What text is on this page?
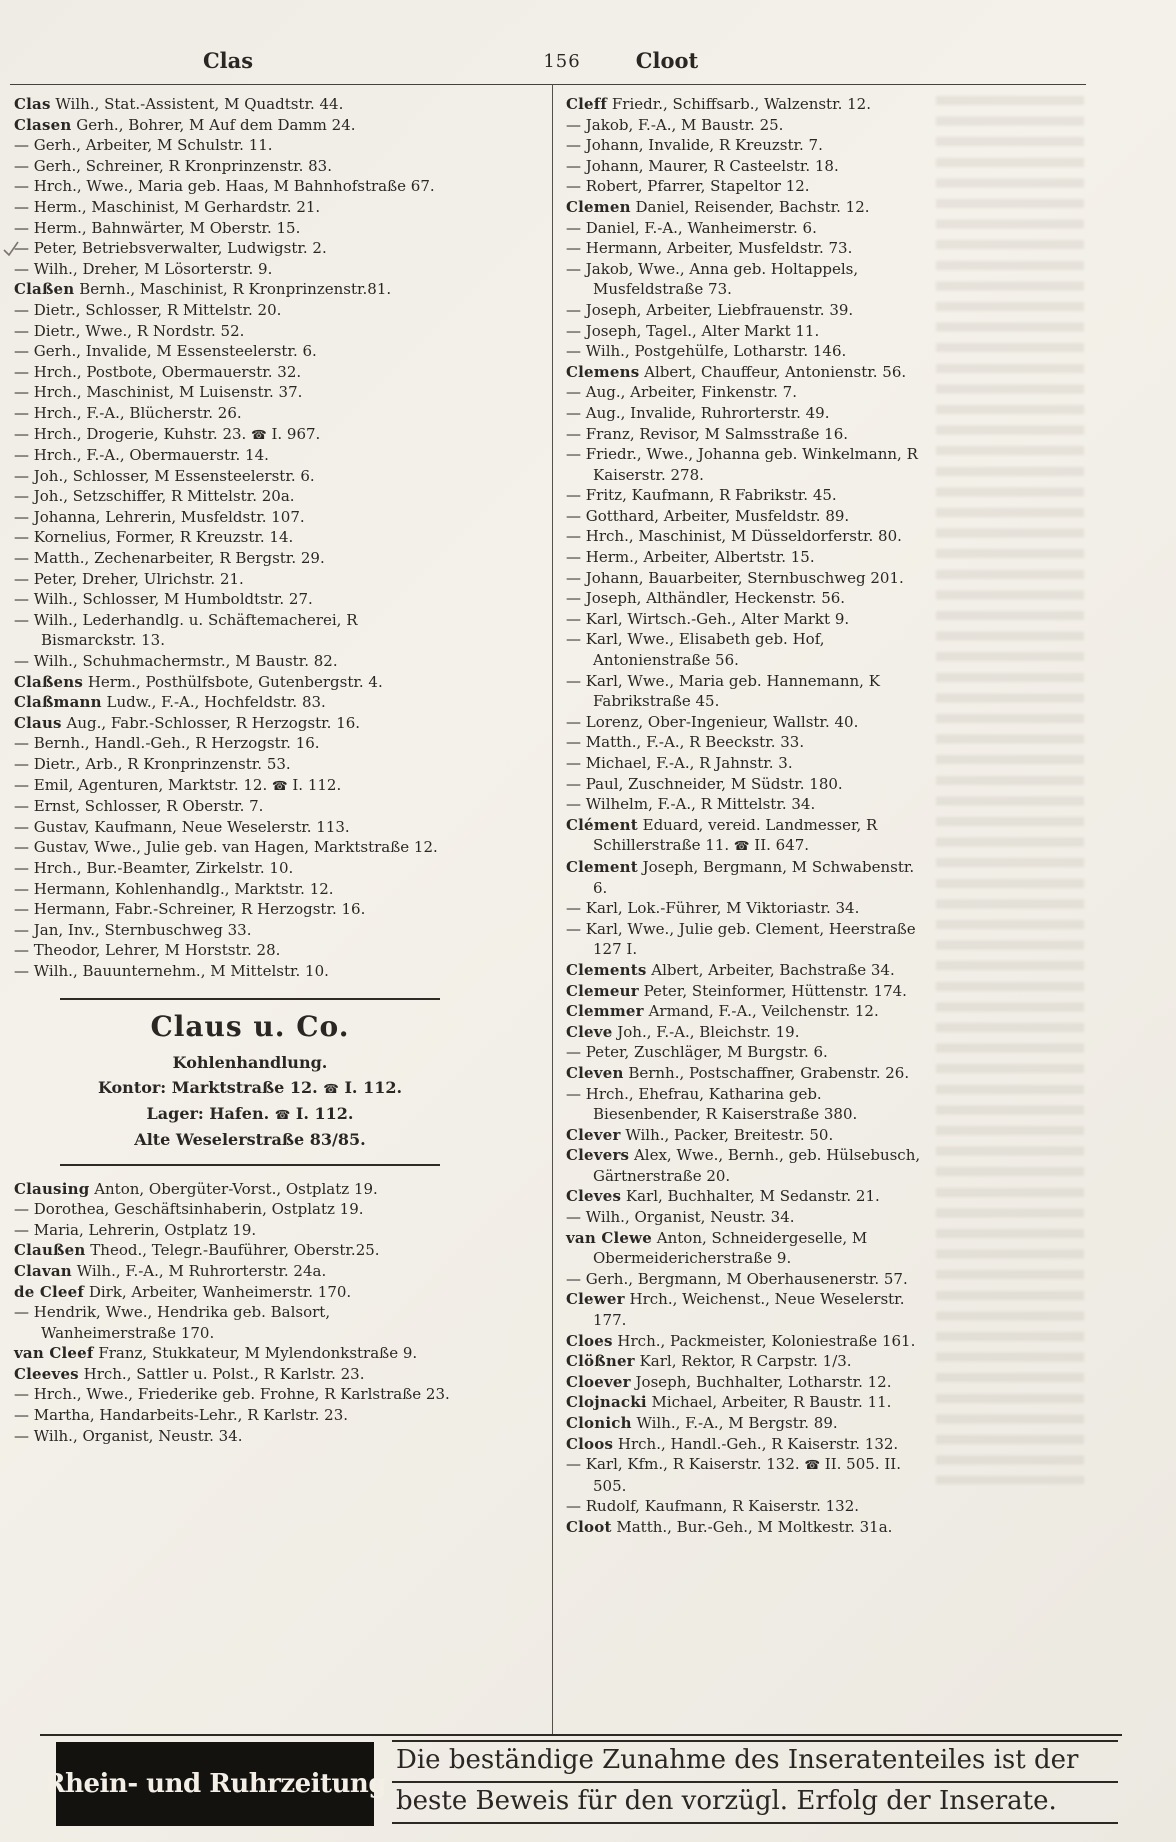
Clas	156	Cloot

Clas Wilh., Stat.-Assistent, M Quadtstr. 44.

Clasen Gerh., Bohrer, M Auf dem Damm 24.

— Gerh., Arbeiter, M Schulstr. 11.

— Gerh., Schreiner, R Kronprinzenstr. 83.

— Hrch., Wwe., Maria geb. Haas, M Bahnhofstraße 67.

— Herm., Maschinist, M Gerhardstr. 21.

— Herm., Bahnwärter, M Oberstr. 15.

— Peter, Betriebsverwalter, Ludwigstr. 2.

— Wilh., Dreher, M Lösorterstr. 9.

Claßen Bernh., Maschinist, R Kronprinzenstr.81.

— Dietr., Schlosser, R Mittelstr. 20.

— Dietr., Wwe., R Nordstr. 52.

— Gerh., Invalide, M Essensteelerstr. 6.

— Hrch., Postbote, Obermauerstr. 32.

— Hrch., Maschinist, M Luisenstr. 37.

— Hrch., F.-A., Blücherstr. 26.

— Hrch., Drogerie, Kuhstr. 23. ☎ I. 967.

— Hrch., F.-A., Obermauerstr. 14.

— Joh., Schlosser, M Essensteelerstr. 6.

— Joh., Setzschiffer, R Mittelstr. 20a.

— Johanna, Lehrerin, Musfeldstr. 107.

— Kornelius, Former, R Kreuzstr. 14.

— Matth., Zechenarbeiter, R Bergstr. 29.

— Peter, Dreher, Ulrichstr. 21.

— Wilh., Schlosser, M Humboldtstr. 27.

— Wilh., Lederhandlg. u. Schäftemacherei, R Bismarckstr. 13.

— Wilh., Schuhmachermstr., M Baustr. 82.

Claßens Herm., Posthülfsbote, Gutenbergstr. 4.

Claßmann Ludw., F.-A., Hochfeldstr. 83.

Claus Aug., Fabr.-Schlosser, R Herzogstr. 16.

— Bernh., Handl.-Geh., R Herzogstr. 16.

— Dietr., Arb., R Kronprinzenstr. 53.

— Emil, Agenturen, Marktstr. 12. ☎ I. 112.

— Ernst, Schlosser, R Oberstr. 7.

— Gustav, Kaufmann, Neue Weselerstr. 113.

— Gustav, Wwe., Julie geb. van Hagen, Marktstraße 12.

— Hrch., Bur.-Beamter, Zirkelstr. 10.

— Hermann, Kohlenhandlg., Marktstr. 12.

— Hermann, Fabr.-Schreiner, R Herzogstr. 16.

— Jan, Inv., Sternbuschweg 33.

— Theodor, Lehrer, M Horststr. 28.

— Wilh., Bauunternehm., M Mittelstr. 10.

Claus u. Co.
Kohlenhandlung.
Kontor: Marktstraße 12. ☎ I. 112.
Lager: Hafen. ☎ I. 112.
Alte Weselerstraße 83/85.

Clausing Anton, Obergüter-Vorst., Ostplatz 19.

— Dorothea, Geschäftsinhaberin, Ostplatz 19.

— Maria, Lehrerin, Ostplatz 19.

Claußen Theod., Telegr.-Bauführer, Oberstr.25.

Clavan Wilh., F.-A., M Ruhrorterstr. 24a.

de Cleef Dirk, Arbeiter, Wanheimerstr. 170.

— Hendrik, Wwe., Hendrika geb. Balsort, Wanheimerstraße 170.

van Cleef Franz, Stukkateur, M Mylendonkstraße 9.

Cleeves Hrch., Sattler u. Polst., R Karlstr. 23.

— Hrch., Wwe., Friederike geb. Frohne, R Karlstraße 23.

— Martha, Handarbeits-Lehr., R Karlstr. 23.

— Wilh., Organist, Neustr. 34.

Cleff Friedr., Schiffsarb., Walzenstr. 12.

— Jakob, F.-A., M Baustr. 25.

— Johann, Invalide, R Kreuzstr. 7.

— Johann, Maurer, R Casteelstr. 18.

— Robert, Pfarrer, Stapeltor 12.

Clemen Daniel, Reisender, Bachstr. 12.

— Daniel, F.-A., Wanheimerstr. 6.

— Hermann, Arbeiter, Musfeldstr. 73.

— Jakob, Wwe., Anna geb. Holtappels, Musfeldstraße 73.

— Joseph, Arbeiter, Liebfrauenstr. 39.

— Joseph, Tagel., Alter Markt 11.

— Wilh., Postgehülfe, Lotharstr. 146.

Clemens Albert, Chauffeur, Antonienstr. 56.

— Aug., Arbeiter, Finkenstr. 7.

— Aug., Invalide, Ruhrorterstr. 49.

— Franz, Revisor, M Salmsstraße 16.

— Friedr., Wwe., Johanna geb. Winkelmann, R Kaiserstr. 278.

— Fritz, Kaufmann, R Fabrikstr. 45.

— Gotthard, Arbeiter, Musfeldstr. 89.

— Hrch., Maschinist, M Düsseldorferstr. 80.

— Herm., Arbeiter, Albertstr. 15.

— Johann, Bauarbeiter, Sternbuschweg 201.

— Joseph, Althändler, Heckenstr. 56.

— Karl, Wirtsch.-Geh., Alter Markt 9.

— Karl, Wwe., Elisabeth geb. Hof, Antonienstraße 56.

— Karl, Wwe., Maria geb. Hannemann, K Fabrikstraße 45.

— Lorenz, Ober-Ingenieur, Wallstr. 40.

— Matth., F.-A., R Beeckstr. 33.

— Michael, F.-A., R Jahnstr. 3.

— Paul, Zuschneider, M Südstr. 180.

— Wilhelm, F.-A., R Mittelstr. 34.

Clément Eduard, vereid. Landmesser, R Schillerstraße 11. ☎ II. 647.

Clement Joseph, Bergmann, M Schwabenstr. 6.

— Karl, Lok.-Führer, M Viktoriastr. 34.

— Karl, Wwe., Julie geb. Clement, Heerstraße 127 I.

Clements Albert, Arbeiter, Bachstraße 34.

Clemeur Peter, Steinformer, Hüttenstr. 174.

Clemmer Armand, F.-A., Veilchenstr. 12.

Cleve Joh., F.-A., Bleichstr. 19.

— Peter, Zuschläger, M Burgstr. 6.

Cleven Bernh., Postschaffner, Grabenstr. 26.

— Hrch., Ehefrau, Katharina geb. Biesenbender, R Kaiserstraße 380.

Clever Wilh., Packer, Breitestr. 50.

Clevers Alex, Wwe., Bernh., geb. Hülsebusch, Gärtnerstraße 20.

Cleves Karl, Buchhalter, M Sedanstr. 21.

— Wilh., Organist, Neustr. 34.

van Clewe Anton, Schneidergeselle, M Obermeidericherstraße 9.

— Gerh., Bergmann, M Oberhausenerstr. 57.

Clewer Hrch., Weichenst., Neue Weselerstr. 177.

Cloes Hrch., Packmeister, Koloniestraße 161.

Clößner Karl, Rektor, R Carpstr. 1/3.

Cloever Joseph, Buchhalter, Lotharstr. 12.

Clojnacki Michael, Arbeiter, R Baustr. 11.

Clonich Wilh., F.-A., M Bergstr. 89.

Cloos Hrch., Handl.-Geh., R Kaiserstr. 132.

— Karl, Kfm., R Kaiserstr. 132. ☎ II. 505. II. 505.

— Rudolf, Kaufmann, R Kaiserstr. 132.

Cloot Matth., Bur.-Geh., M Moltkestr. 31a.

Rhein- und Ruhrzeitung
Die beständige Zunahme des Inseratenteiles ist der
beste Beweis für den vorzügl. Erfolg der Inserate.
